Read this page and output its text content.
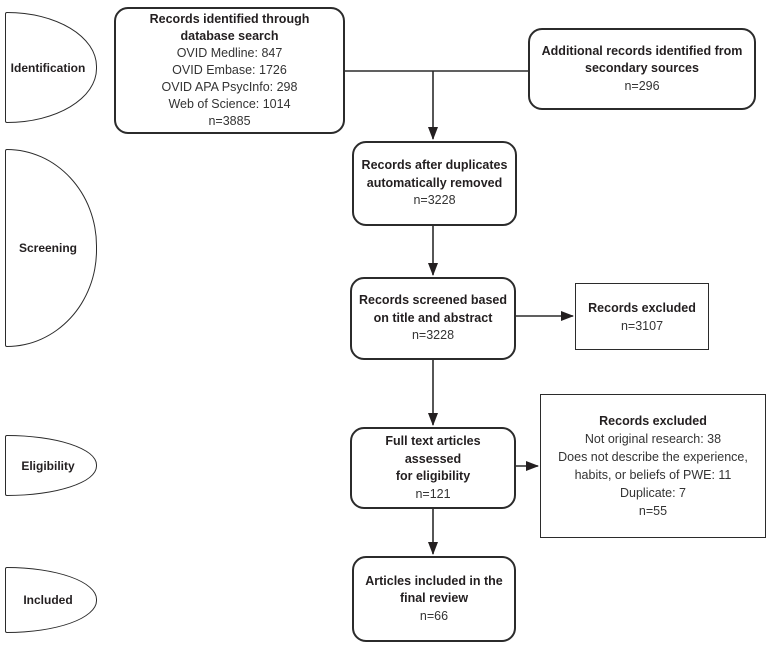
Identification
Screening
Eligibility
Included
Records identified through
database search
OVID Medline: 847
OVID Embase: 1726
OVID APA PsycInfo: 298
Web of Science: 1014
n=3885
Additional records identified from
secondary sources
n=296
Records after duplicates
automatically removed
n=3228
Records screened based
on title and abstract
n=3228
Records excluded
n=3107
Full text articles assessed
for eligibility
n=121
Records excluded
Not original research: 38
Does not describe the experience,
habits, or beliefs of PWE: 11
Duplicate: 7
n=55
Articles included in the
final review
n=66
